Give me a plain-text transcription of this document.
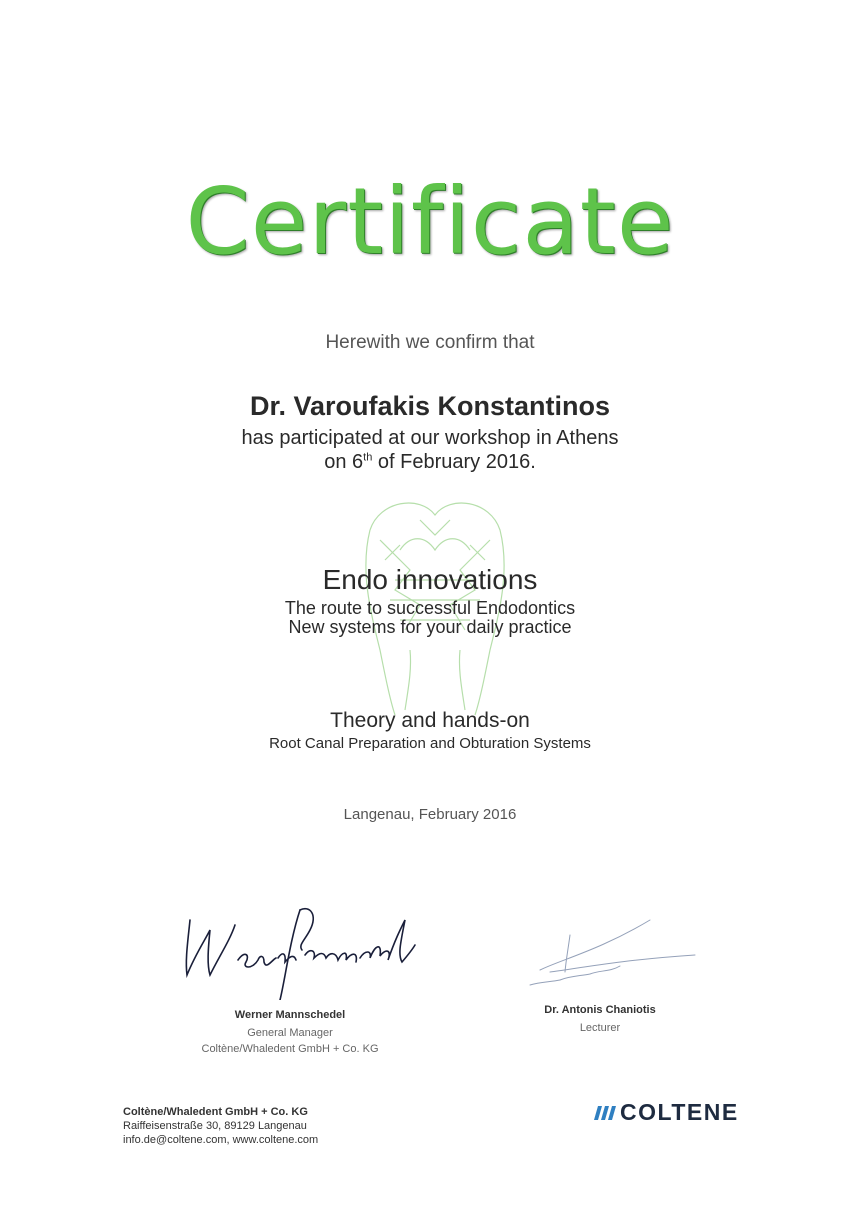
Certificate
Herewith we confirm that
Dr. Varoufakis Konstantinos
has participated at our workshop in Athens
on 6th of February 2016.
Endo innovations
The route to successful Endodontics
New systems for your daily practice
Theory and hands-on
Root Canal Preparation and Obturation Systems
Langenau, February 2016
Werner Mannschedel
General Manager
Coltène/Whaledent GmbH + Co. KG
Dr. Antonis Chaniotis
Lecturer
Coltène/Whaledent GmbH + Co. KG
Raiffeisenstraße 30, 89129 Langenau
info.de@coltene.com, www.coltene.com
COLTENE
